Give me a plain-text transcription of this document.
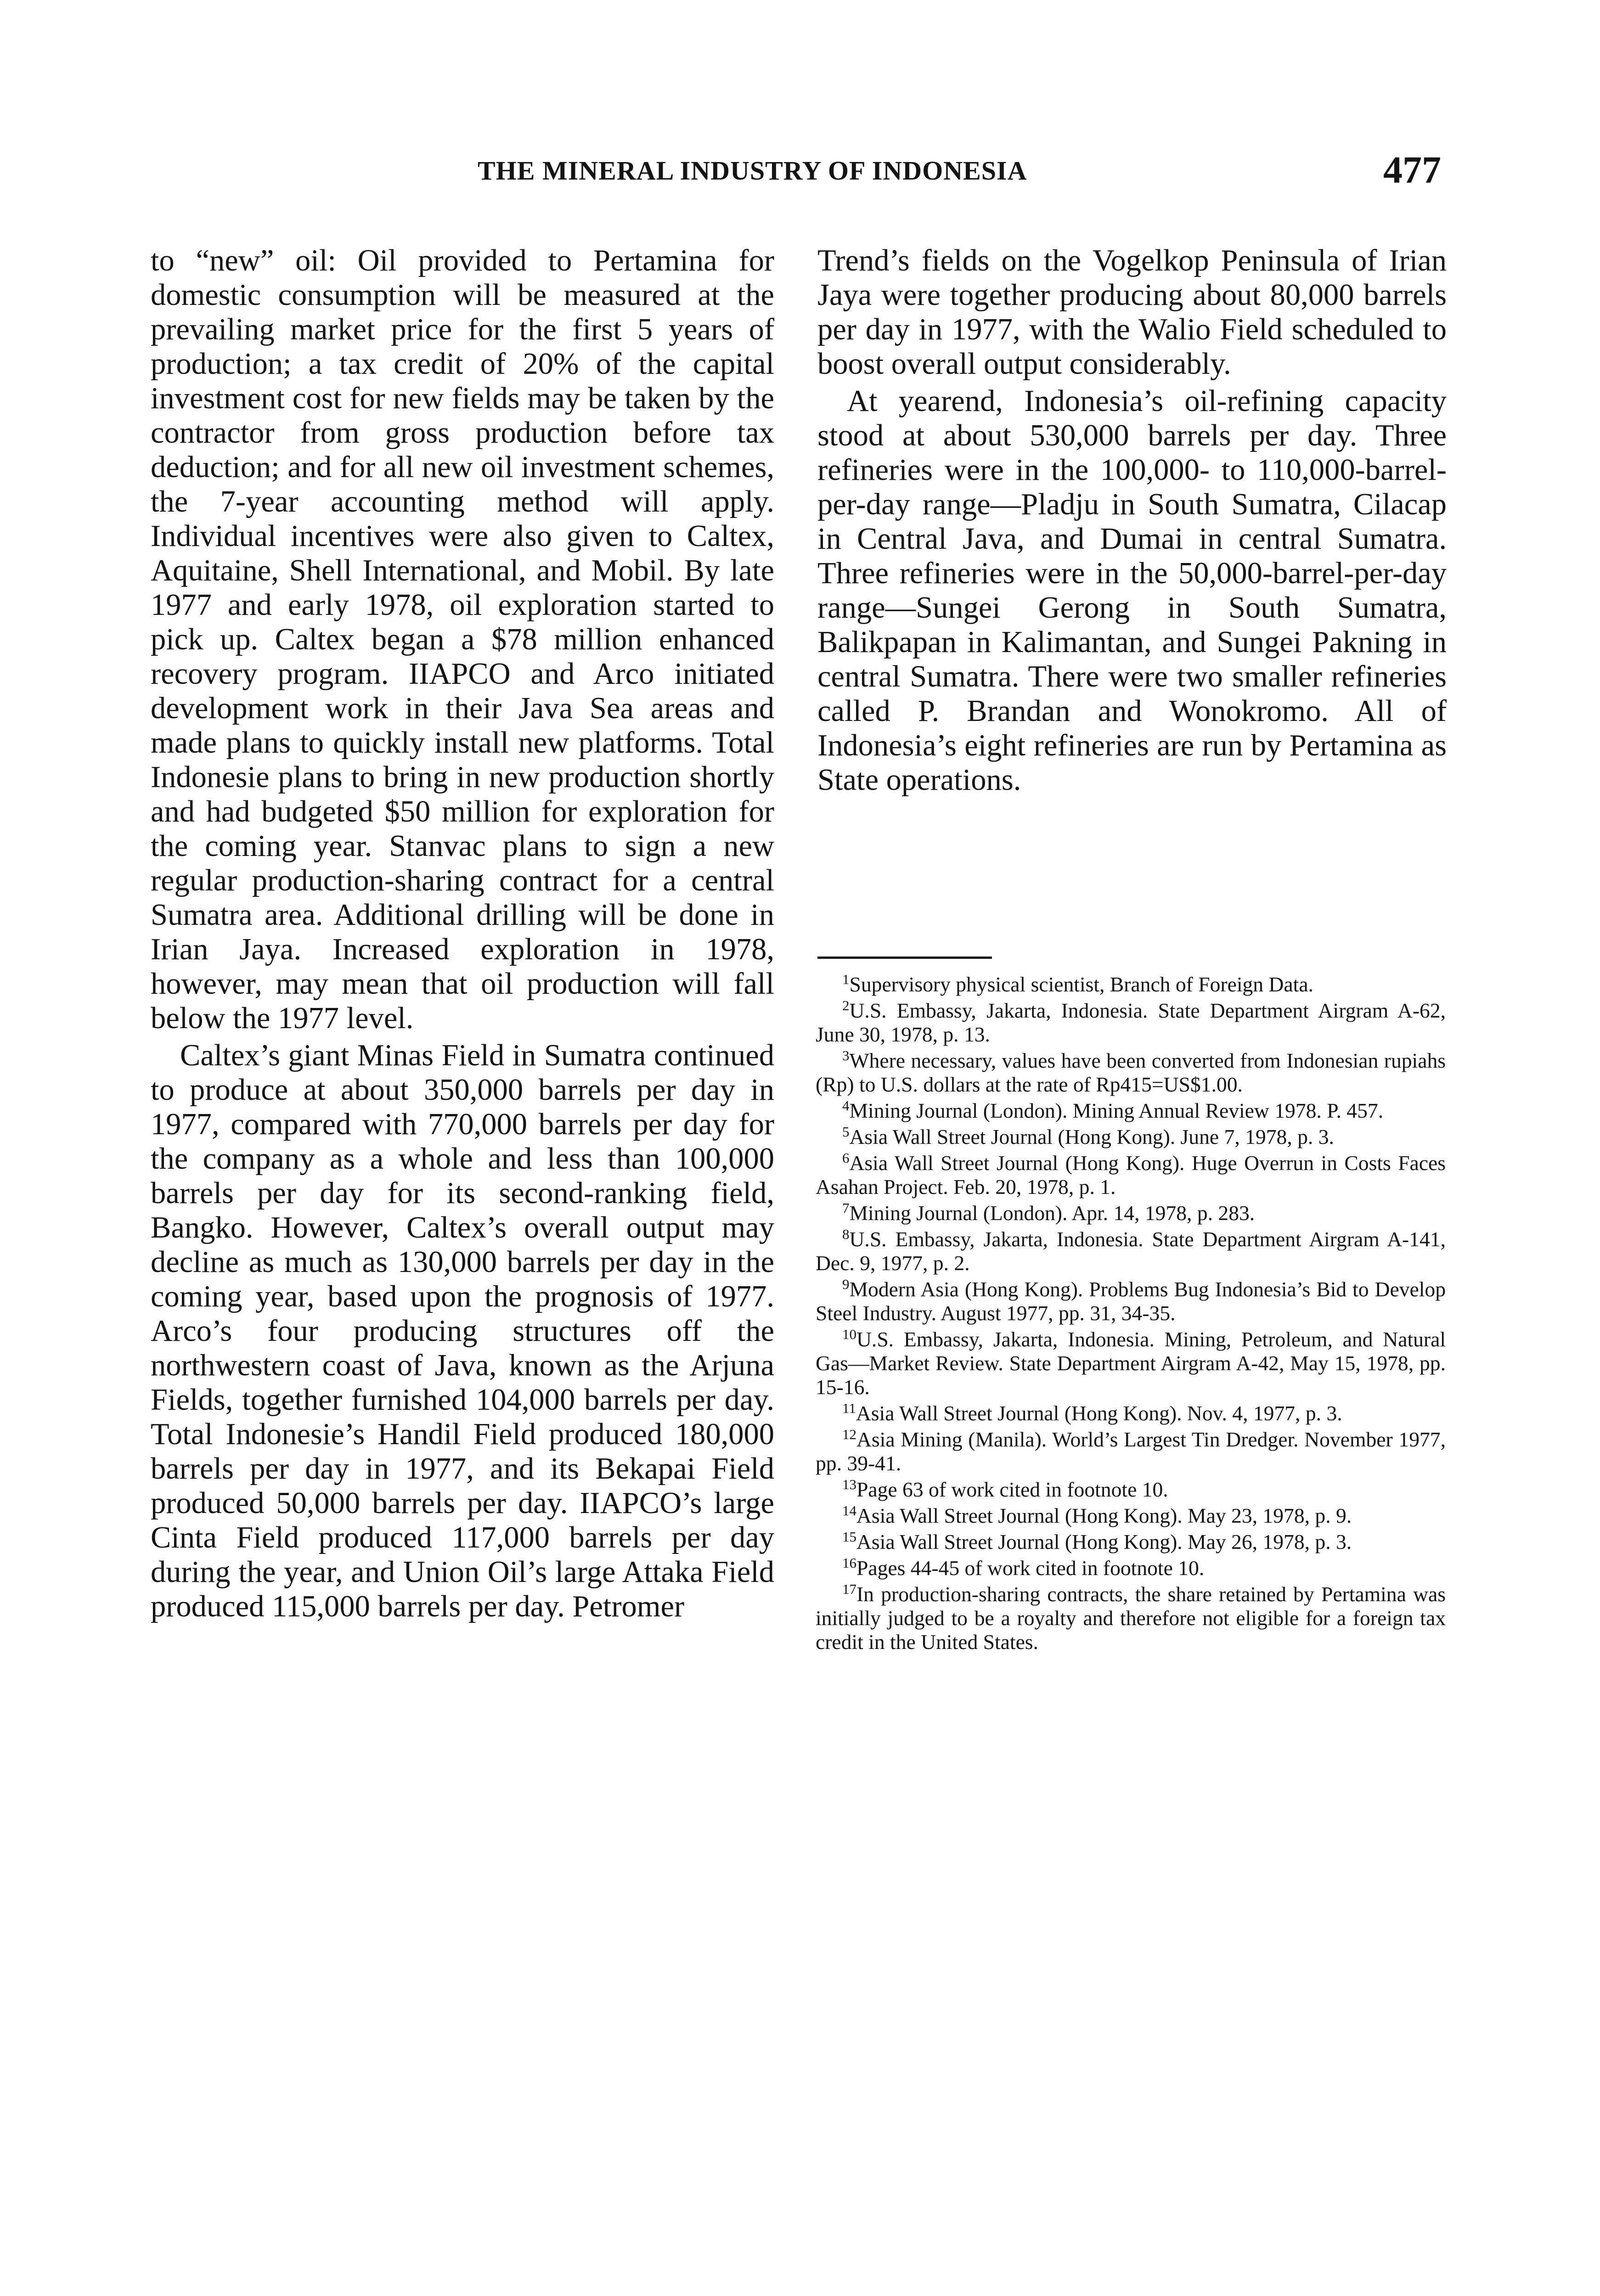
THE MINERAL INDUSTRY OF INDONESIA	477

to “new” oil: Oil provided to Pertamina for domestic consumption will be measured at the prevailing market price for the first 5 years of production; a tax credit of 20% of the capital investment cost for new fields may be taken by the contractor from gross production before tax deduction; and for all new oil investment schemes, the 7-year accounting method will apply. Individual incentives were also given to Caltex, Aquitaine, Shell International, and Mobil. By late 1977 and early 1978, oil exploration started to pick up. Caltex began a $78 million enhanced recovery program. IIAPCO and Arco initiated development work in their Java Sea areas and made plans to quickly install new platforms. Total Indonesie plans to bring in new production shortly and had budgeted $50 million for exploration for the coming year. Stanvac plans to sign a new regular production-sharing contract for a central Sumatra area. Additional drilling will be done in Irian Jaya. Increased exploration in 1978, however, may mean that oil production will fall below the 1977 level.

Caltex’s giant Minas Field in Sumatra continued to produce at about 350,000 barrels per day in 1977, compared with 770,000 barrels per day for the company as a whole and less than 100,000 barrels per day for its second-ranking field, Bangko. However, Caltex’s overall output may decline as much as 130,000 barrels per day in the coming year, based upon the prognosis of 1977. Arco’s four producing structures off the northwestern coast of Java, known as the Arjuna Fields, together furnished 104,000 barrels per day. Total Indonesie’s Handil Field produced 180,000 barrels per day in 1977, and its Bekapai Field produced 50,000 barrels per day. IIAPCO’s large Cinta Field produced 117,000 barrels per day during the year, and Union Oil’s large Attaka Field produced 115,000 barrels per day. Petromer

Trend’s fields on the Vogelkop Peninsula of Irian Jaya were together producing about 80,000 barrels per day in 1977, with the Walio Field scheduled to boost overall output considerably.

At yearend, Indonesia’s oil-refining capacity stood at about 530,000 barrels per day. Three refineries were in the 100,000- to 110,000-barrel-per-day range—Pladju in South Sumatra, Cilacap in Central Java, and Dumai in central Sumatra. Three refineries were in the 50,000-barrel-per-day range—Sungei Gerong in South Sumatra, Balikpapan in Kalimantan, and Sungei Pakning in central Sumatra. There were two smaller refineries called P. Brandan and Wonokromo. All of Indonesia’s eight refineries are run by Pertamina as State operations.

$^1$Supervisory physical scientist, Branch of Foreign Data.

$^2$U.S. Embassy, Jakarta, Indonesia. State Department Airgram A-62, June 30, 1978, p. 13.

$^3$Where necessary, values have been converted from Indonesian rupiahs (Rp) to U.S. dollars at the rate of Rp415=US$1.00.

$^4$Mining Journal (London). Mining Annual Review 1978. P. 457.

$^5$Asia Wall Street Journal (Hong Kong). June 7, 1978, p. 3.

$^6$Asia Wall Street Journal (Hong Kong). Huge Overrun in Costs Faces Asahan Project. Feb. 20, 1978, p. 1.

$^7$Mining Journal (London). Apr. 14, 1978, p. 283.

$^8$U.S. Embassy, Jakarta, Indonesia. State Department Airgram A-141, Dec. 9, 1977, p. 2.

$^9$Modern Asia (Hong Kong). Problems Bug Indonesia’s Bid to Develop Steel Industry. August 1977, pp. 31, 34-35.

$^{10}$U.S. Embassy, Jakarta, Indonesia. Mining, Petroleum, and Natural Gas—Market Review. State Department Airgram A-42, May 15, 1978, pp. 15-16.

$^{11}$Asia Wall Street Journal (Hong Kong). Nov. 4, 1977, p. 3.

$^{12}$Asia Mining (Manila). World’s Largest Tin Dredger. November 1977, pp. 39-41.

$^{13}$Page 63 of work cited in footnote 10.

$^{14}$Asia Wall Street Journal (Hong Kong). May 23, 1978, p. 9.

$^{15}$Asia Wall Street Journal (Hong Kong). May 26, 1978, p. 3.

$^{16}$Pages 44-45 of work cited in footnote 10.

$^{17}$In production-sharing contracts, the share retained by Pertamina was initially judged to be a royalty and therefore not eligible for a foreign tax credit in the United States.
